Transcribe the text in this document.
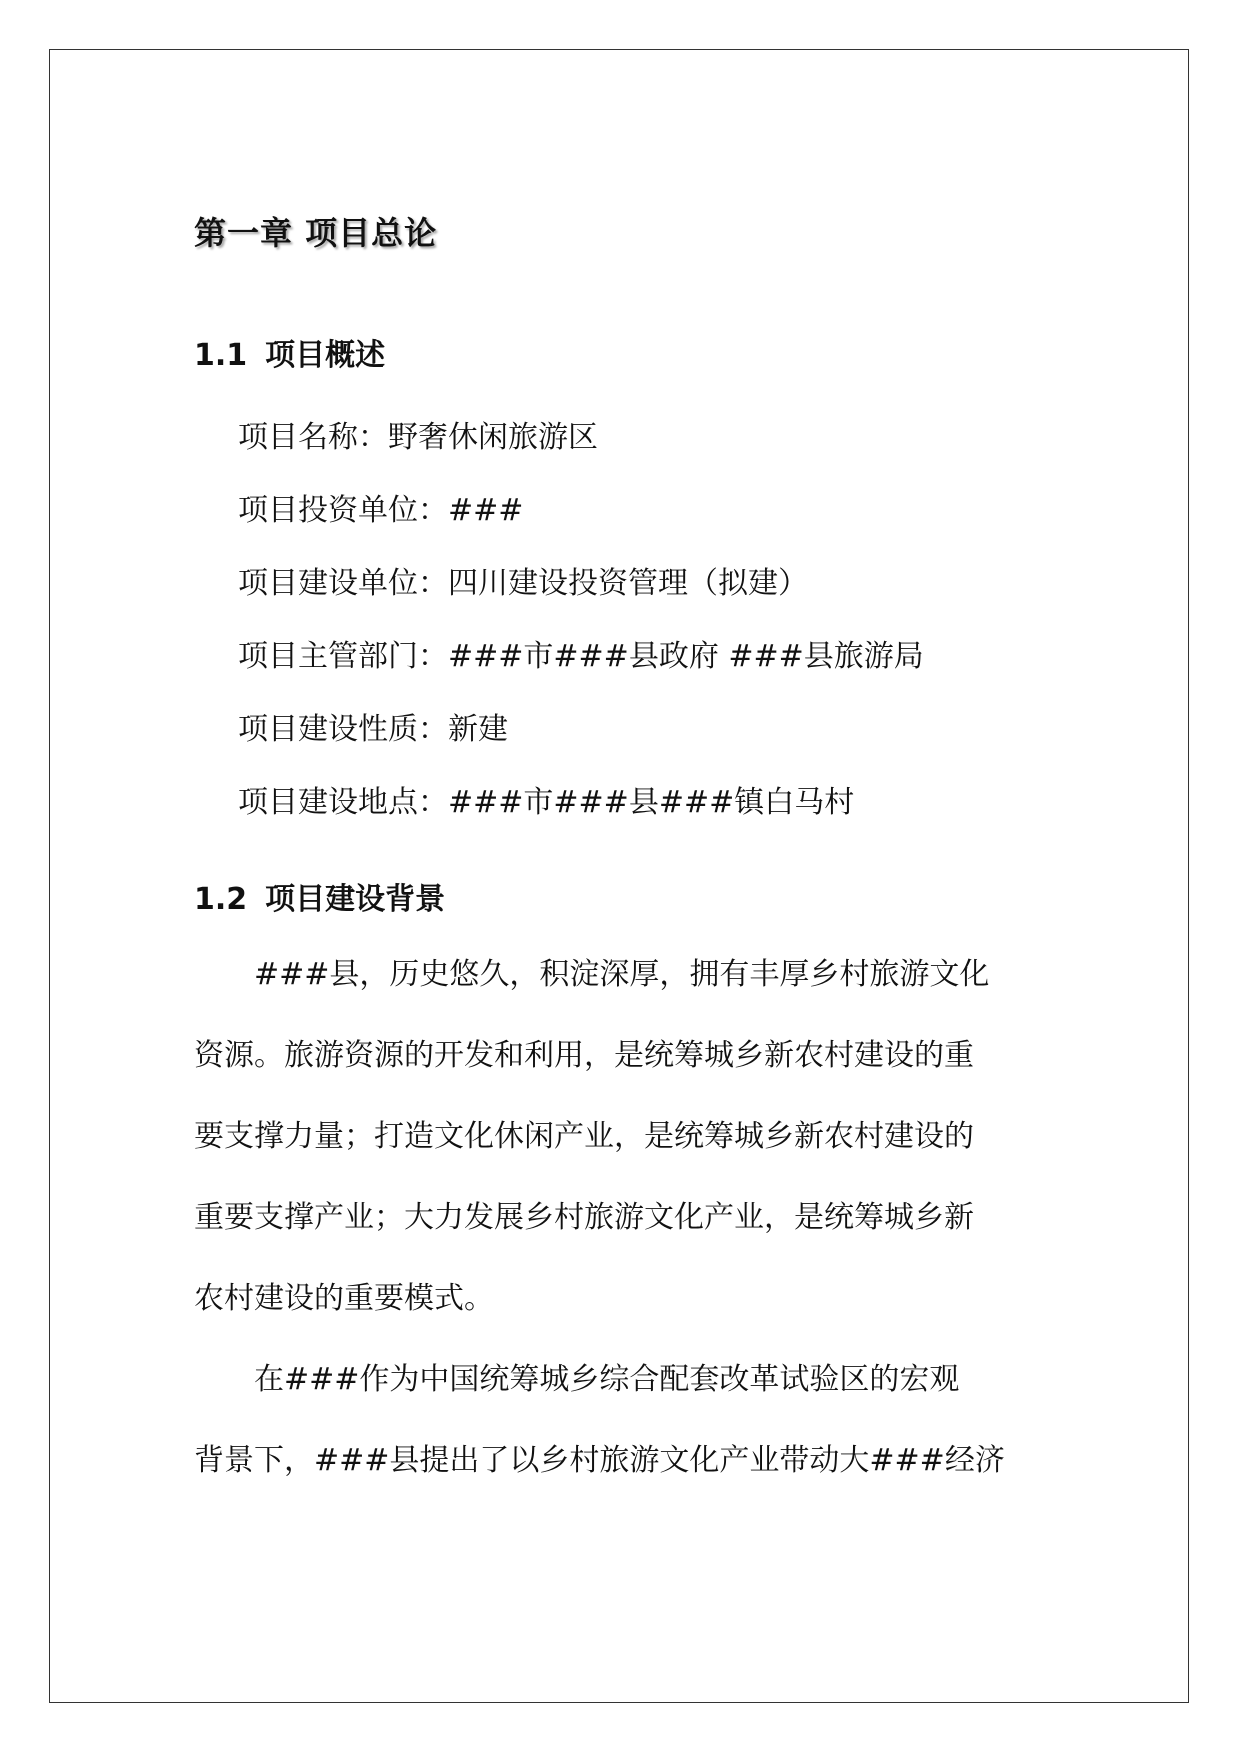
第一章 项目总论
1.1 项目概述
项目名称：野奢休闲旅游区
项目投资单位：###
项目建设单位：四川建设投资管理（拟建）
项目主管部门：###市###县政府 ###县旅游局
项目建设性质：新建
项目建设地点：###市###县###镇白马村
1.2 项目建设背景
###县，历史悠久，积淀深厚，拥有丰厚乡村旅游文化
资源。旅游资源的开发和利用，是统筹城乡新农村建设的重
要支撑力量；打造文化休闲产业，是统筹城乡新农村建设的
重要支撑产业；大力发展乡村旅游文化产业，是统筹城乡新
农村建设的重要模式。
在###作为中国统筹城乡综合配套改革试验区的宏观
背景下，###县提出了以乡村旅游文化产业带动大###经济
